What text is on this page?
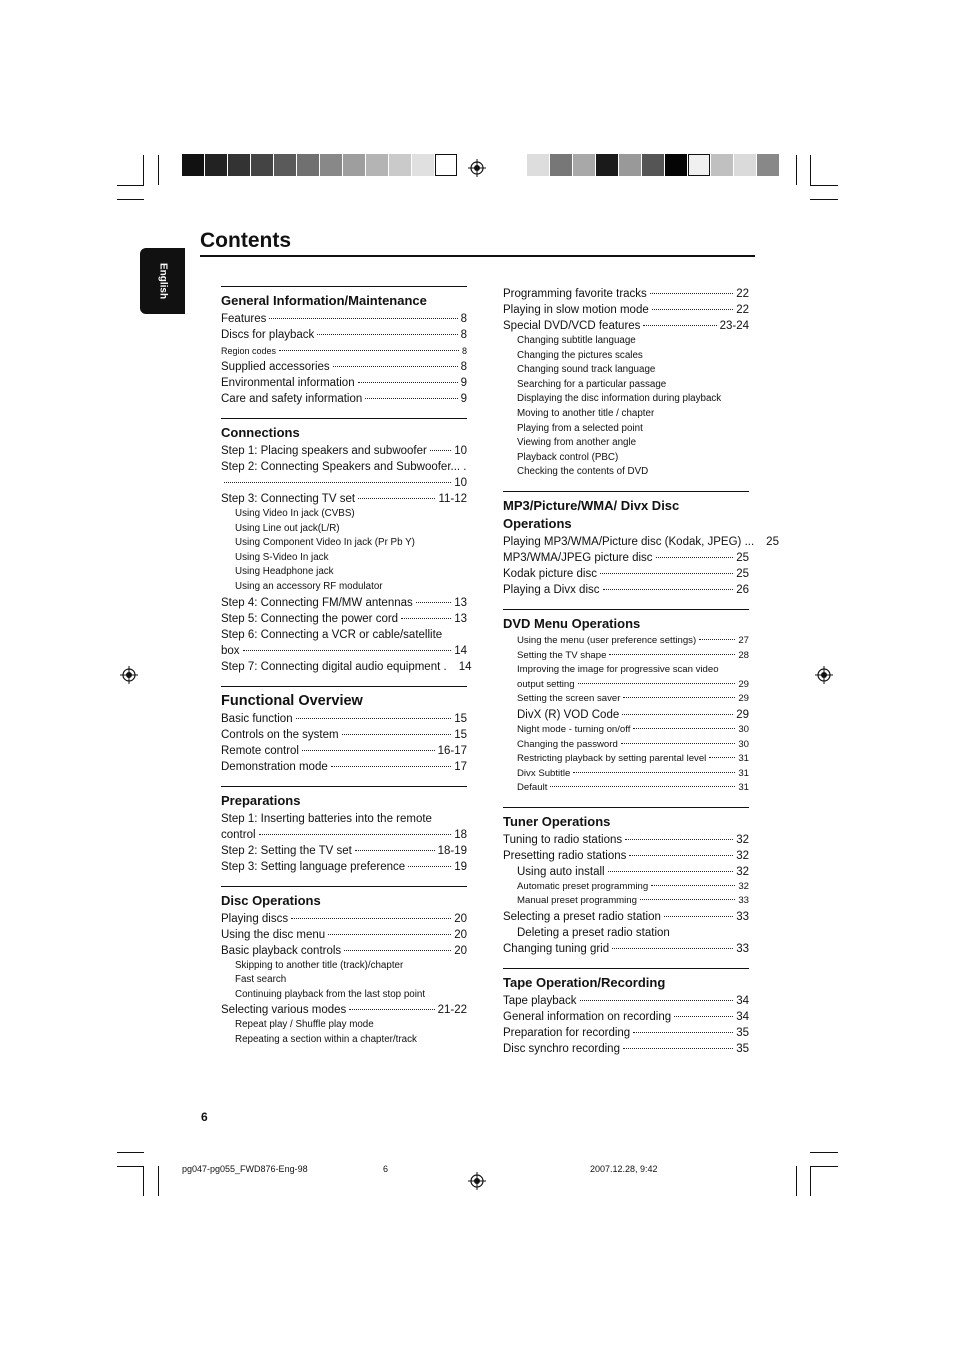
English
Contents
General Information/Maintenance
Features	8
Discs for playback	8
Region codes	8
Supplied accessories	8
Environmental information	9
Care and safety information	9
Connections
Step 1: Placing speakers and subwoofer 10
Step 2: Connecting Speakers and Subwoofer... .
10
Step 3: Connecting TV set	11-12
Using Video In jack (CVBS)
Using Line out jack(L/R)
Using Component Video In jack (Pr Pb Y)
Using S-Video In jack
Using Headphone jack
Using an accessory RF modulator
Step 4: Connecting FM/MW antennas	13
Step 5: Connecting the power cord	13
Step 6: Connecting a VCR or cable/satellite
box	14
Step 7: Connecting digital audio equipment . 14
Functional Overview
Basic function	15
Controls on the system	15
Remote control	16-17
Demonstration mode	17
Preparations
Step 1: Inserting batteries into the remote
control	18
Step 2: Setting the TV set	18-19
Step 3: Setting language preference	19
Disc Operations
Playing discs	20
Using the disc menu	20
Basic playback controls	20
Skipping to another title (track)/chapter
Fast search
Continuing playback from the last stop point
Selecting various modes	21-22
Repeat play / Shuffle play mode
Repeating a section within a chapter/track
Programming favorite tracks	22
Playing in slow motion mode	22
Special DVD/VCD features	23-24
Changing subtitle language
Changing the pictures scales
Changing sound track language
Searching for a particular passage
Displaying the disc information during playback
Moving to another title / chapter
Playing from a selected point
Viewing from another angle
Playback control (PBC)
Checking the contents of DVD
MP3/Picture/WMA/ Divx Disc Operations
Playing MP3/WMA/Picture disc (Kodak, JPEG) ... 25
MP3/WMA/JPEG picture disc	25
Kodak picture disc	25
Playing a Divx disc	26
DVD Menu Operations
Using the menu (user preference settings)	27
Setting the TV shape	28
Improving the image for progressive scan video
output setting	29
Setting the screen saver	29
DivX (R) VOD Code	29
Night mode - turning on/off	30
Changing the password	30
Restricting playback by setting parental level	31
Divx Subtitle	31
Default	31
Tuner Operations
Tuning to radio stations	32
Presetting radio stations	32
Using auto install	32
Automatic preset programming	32
Manual preset programming	33
Selecting a preset radio station	33
Deleting a preset radio station
Changing tuning grid	33
Tape Operation/Recording
Tape playback	34
General information on recording	34
Preparation for recording	35
Disc synchro recording	35
6
pg047-pg055_FWD876-Eng-98	6	2007.12.28, 9:42
